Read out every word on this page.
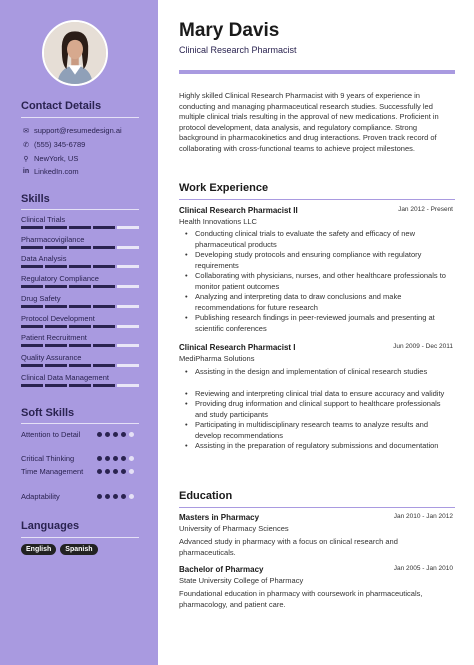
Contact Details
✉ support@resumedesign.ai
✆ (555) 345-6789
⚲ NewYork, US
in LinkedIn.com
Skills
Clinical Trials
Pharmacovigilance
Data Analysis
Regulatory Compliance
Drug Safety
Protocol Development
Patient Recruitment
Quality Assurance
Clinical Data Management
Soft Skills
Attention to Detail
Critical Thinking
Time Management
Adaptability
Languages
English	Spanish
Mary Davis
Clinical Research Pharmacist
Highly skilled Clinical Research Pharmacist with 9 years of experience in conducting and managing pharmaceutical research studies. Successfully led multiple clinical trials resulting in the approval of new medications. Proficient in protocol development, data analysis, and regulatory compliance. Strong background in pharmacokinetics and drug interactions. Proven track record of collaborating with cross-functional teams to achieve project milestones.
Work Experience
Clinical Research Pharmacist II	Jan 2012 - Present
Health Innovations LLC
• Conducting clinical trials to evaluate the safety and efficacy of new pharmaceutical products
• Developing study protocols and ensuring compliance with regulatory requirements
• Collaborating with physicians, nurses, and other healthcare professionals to monitor patient outcomes
• Analyzing and interpreting data to draw conclusions and make recommendations for future research
• Publishing research findings in peer-reviewed journals and presenting at scientific conferences
Clinical Research Pharmacist I	Jun 2009 - Dec 2011
MediPharma Solutions
• Assisting in the design and implementation of clinical research studies
• Reviewing and interpreting clinical trial data to ensure accuracy and validity
• Providing drug information and clinical support to healthcare professionals and study participants
• Participating in multidisciplinary research teams to analyze results and develop recommendations
• Assisting in the preparation of regulatory submissions and documentation
Education
Masters in Pharmacy	Jan 2010 - Jan 2012
University of Pharmacy Sciences
Advanced study in pharmacy with a focus on clinical research and pharmaceuticals.
Bachelor of Pharmacy	Jan 2005 - Jan 2010
State University College of Pharmacy
Foundational education in pharmacy with coursework in pharmaceuticals, pharmacology, and patient care.
